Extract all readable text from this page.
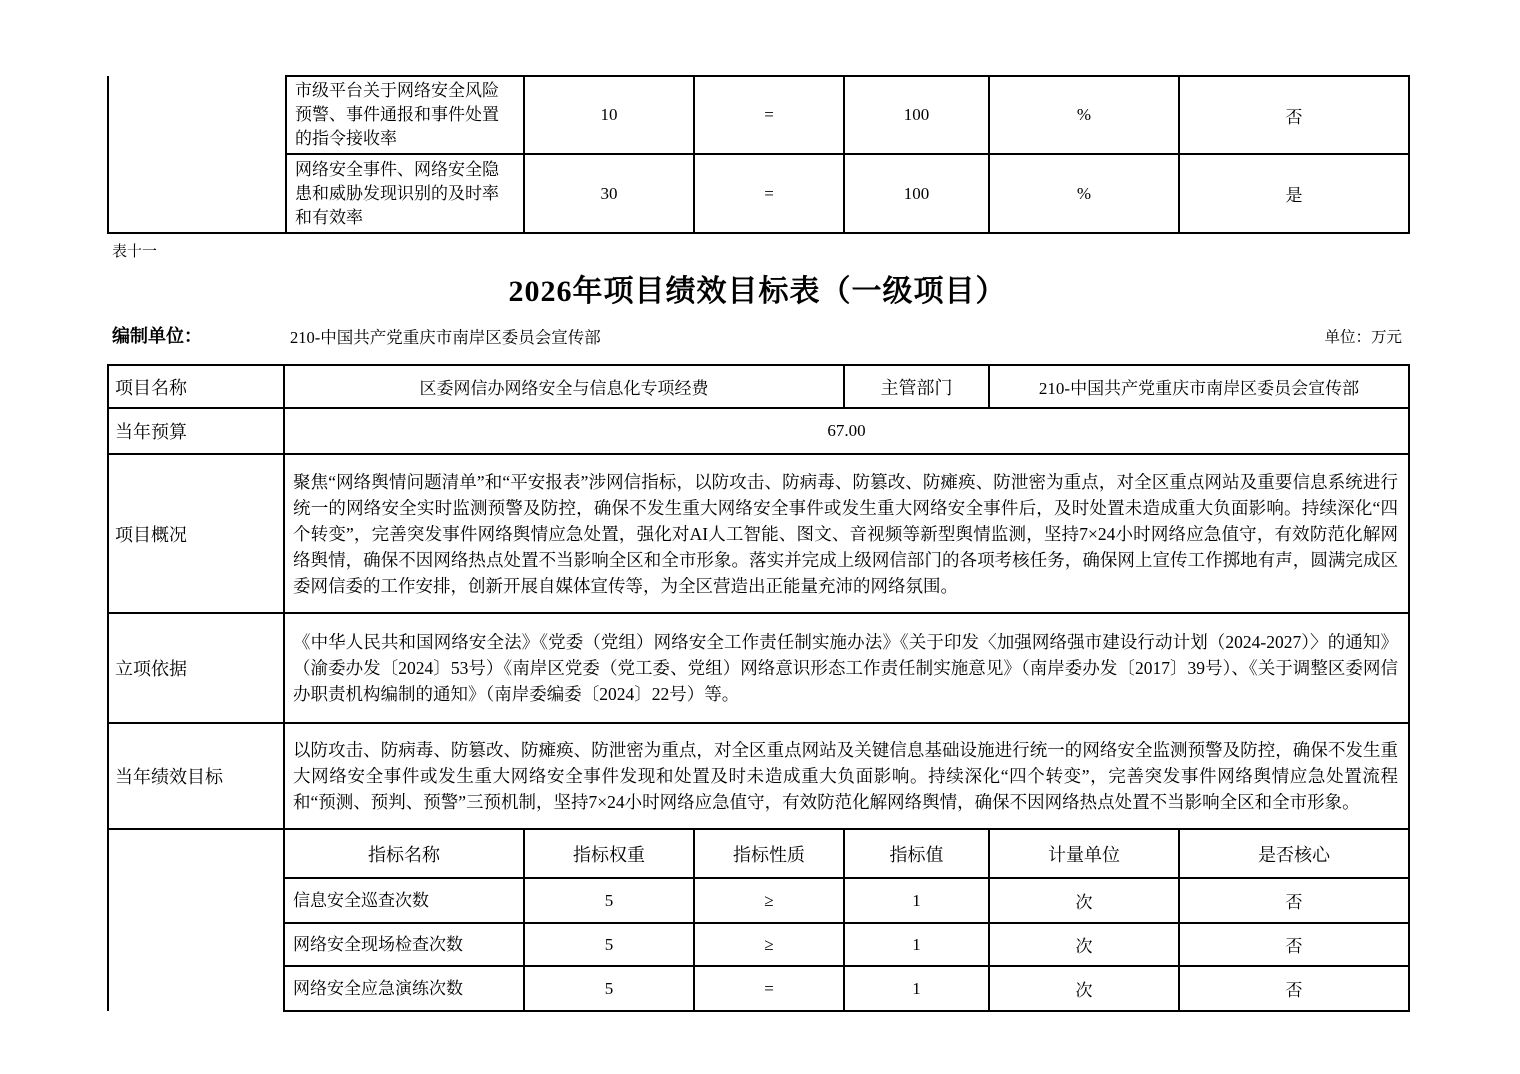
	市级平台关于网络安全风险预警、事件通报和事件处置的指令接收率	10	=	100	%	否
	网络安全事件、网络安全隐患和威胁发现识别的及时率和有效率	30	=	100	%	是
表十一
2026年项目绩效目标表（一级项目）
编制单位：	210-中国共产党重庆市南岸区委员会宣传部	单位：万元
项目名称	区委网信办网络安全与信息化专项经费			主管部门	210-中国共产党重庆市南岸区委员会宣传部	
当年预算	67.00					
项目概况	聚焦“网络舆情问题清单”和“平安报表”涉网信指标，以防攻击、防病毒、防篡改、防瘫痪、防泄密为重点，对全区重点网站及重要信息系统进行统一的网络安全实时监测预警及防控，确保不发生重大网络安全事件或发生重大网络安全事件后，及时处置未造成重大负面影响。持续深化“四个转变”，完善突发事件网络舆情应急处置，强化对AI人工智能、图文、音视频等新型舆情监测，坚持7×24小时网络应急值守，有效防范化解网络舆情，确保不因网络热点处置不当影响全区和全市形象。落实并完成上级网信部门的各项考核任务，确保网上宣传工作掷地有声，圆满完成区委网信委的工作安排，创新开展自媒体宣传等，为全区营造出正能量充沛的网络氛围。					
立项依据	《中华人民共和国网络安全法》《党委（党组）网络安全工作责任制实施办法》《关于印发〈加强网络强市建设行动计划（2024-2027）〉的通知》（渝委办发〔2024〕53号）《南岸区党委（党工委、党组）网络意识形态工作责任制实施意见》（南岸委办发〔2017〕39号）、《关于调整区委网信办职责机构编制的通知》（南岸委编委〔2024〕22号）等。					
当年绩效目标	以防攻击、防病毒、防篡改、防瘫痪、防泄密为重点，对全区重点网站及关键信息基础设施进行统一的网络安全监测预警及防控，确保不发生重大网络安全事件或发生重大网络安全事件发现和处置及时未造成重大负面影响。持续深化“四个转变”，完善突发事件网络舆情应急处置流程和“预测、预判、预警”三预机制，坚持7×24小时网络应急值守，有效防范化解网络舆情，确保不因网络热点处置不当影响全区和全市形象。					
	指标名称	指标权重	指标性质	指标值	计量单位	是否核心
	信息安全巡查次数	5	≥	1	次	否
	网络安全现场检查次数	5	≥	1	次	否
	网络安全应急演练次数	5	=	1	次	否
